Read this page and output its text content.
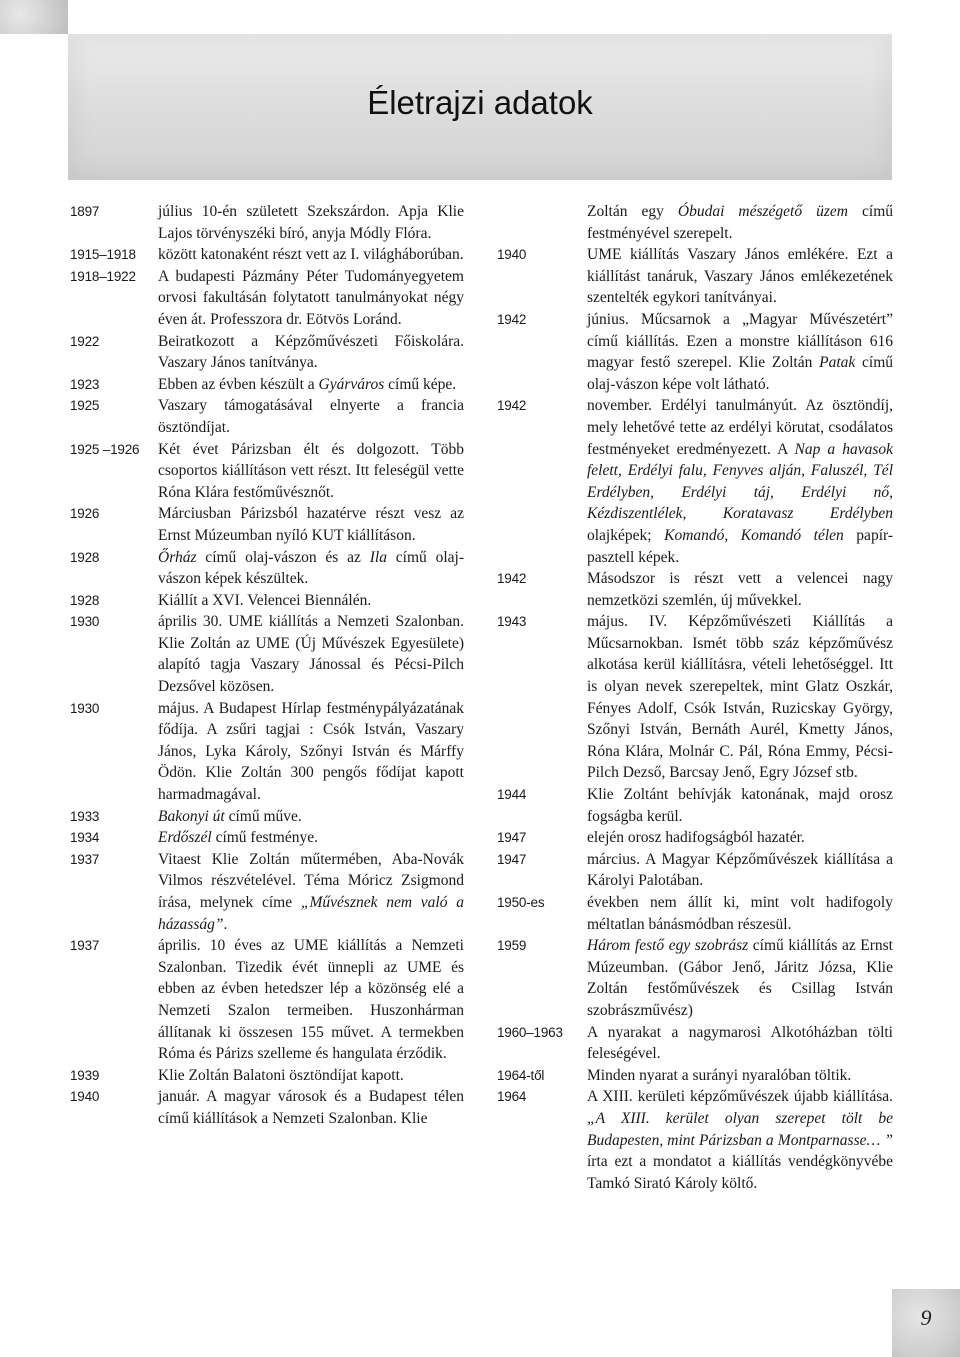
Életrajzi adatok
1897	július 10-én született Szekszárdon. Apja Klie Lajos törvényszéki bíró, anyja Módly Flóra.
1915–1918	között katonaként részt vett az I. világháborúban.
1918–1922	A budapesti Pázmány Péter Tudományegyetem orvosi fakultásán folytatott tanulmányokat négy éven át. Professzora dr. Eötvös Loránd.
1922	Beiratkozott a Képzőművészeti Főiskolára. Vaszary János tanítványa.
1923	Ebben az évben készült a Gyárváros című képe.
1925	Vaszary támogatásával elnyerte a francia ösztöndíjat.
1925 –1926	Két évet Párizsban élt és dolgozott. Több csoportos kiállításon vett részt. Itt feleségül vette Róna Klára festőművésznőt.
1926	Márciusban Párizsból hazatérve részt vesz az Ernst Múzeumban nyíló KUT kiállításon.
1928	Őrház című olaj-vászon és az Ila című olaj-vászon képek készültek.
1928	Kiállít a XVI. Velencei Biennálén.
1930	április 30. UME kiállítás a Nemzeti Szalonban. Klie Zoltán az UME (Új Művészek Egyesülete) alapító tagja Vaszary Jánossal és Pécsi-Pilch Dezsővel közösen.
1930	május. A Budapest Hírlap festménypályázatának fődíja. A zsűri tagjai : Csók István, Vaszary János, Lyka Károly, Szőnyi István és Márffy Ödön. Klie Zoltán 300 pengős fődíjat kapott harmadmagával.
1933	Bakonyi út című műve.
1934	Erdőszél című festménye.
1937	Vitaest Klie Zoltán műtermében, Aba-Novák Vilmos részvételével. Téma Móricz Zsigmond írása, melynek címe „Művésznek nem való a házasság”.
1937	április. 10 éves az UME kiállítás a Nemzeti Szalonban. Tizedik évét ünnepli az UME és ebben az évben hetedszer lép a közönség elé a Nemzeti Szalon termeiben. Huszonhárman állítanak ki összesen 155 művet. A termekben Róma és Párizs szelleme és hangulata érződik.
1939	Klie Zoltán Balatoni ösztöndíjat kapott.
1940	január. A magyar városok és a Budapest télen című kiállítások a Nemzeti Szalonban. Klie
Zoltán egy Óbudai mészégető üzem című festményével szerepelt.
1940	UME kiállítás Vaszary János emlékére. Ezt a kiállítást tanáruk, Vaszary János emlékezetének szentelték egykori tanítványai.
1942	június. Műcsarnok a „Magyar Művészetért” című kiállítás. Ezen a monstre kiállításon 616 magyar festő szerepel. Klie Zoltán Patak című olaj-vászon képe volt látható.
1942	november. Erdélyi tanulmányút. Az ösztöndíj, mely lehetővé tette az erdélyi körutat, csodálatos festményeket eredményezett. A Nap a havasok felett, Erdélyi falu, Fenyves alján, Faluszél, Tél Erdélyben, Erdélyi táj, Erdélyi nő, Kézdiszentlélek, Koratavasz Erdélyben olajképek; Komandó, Komandó télen papír-pasztell képek.
1942	Másodszor is részt vett a velencei nagy nemzetközi szemlén, új művekkel.
1943	május. IV. Képzőművészeti Kiállítás a Műcsarnokban. Ismét több száz képzőművész alkotása kerül kiállításra, vételi lehetőséggel. Itt is olyan nevek szerepeltek, mint Glatz Oszkár, Fényes Adolf, Csók István, Ruzicskay György, Szőnyi István, Bernáth Aurél, Kmetty János, Róna Klára, Molnár C. Pál, Róna Emmy, Pécsi-Pilch Dezső, Barcsay Jenő, Egry József stb.
1944	Klie Zoltánt behívják katonának, majd orosz fogságba kerül.
1947	elején orosz hadifogságból hazatér.
1947	március. A Magyar Képzőművészek kiállítása a Károlyi Palotában.
1950-es	években nem állít ki, mint volt hadifogoly méltatlan bánásmódban részesül.
1959	Három festő egy szobrász című kiállítás az Ernst Múzeumban. (Gábor Jenő, Járitz Józsa, Klie Zoltán festőművészek és Csillag István szobrászművész)
1960–1963	A nyarakat a nagymarosi Alkotóházban tölti feleségével.
1964-től	Minden nyarat a surányi nyaralóban töltik.
1964	A XIII. kerületi képzőművészek újabb kiállítása. „A XIII. kerület olyan szerepet tölt be Budapesten, mint Párizsban a Montparnasse… ” írta ezt a mondatot a kiállítás vendégkönyvébe Tamkó Sirató Károly költő.
9
